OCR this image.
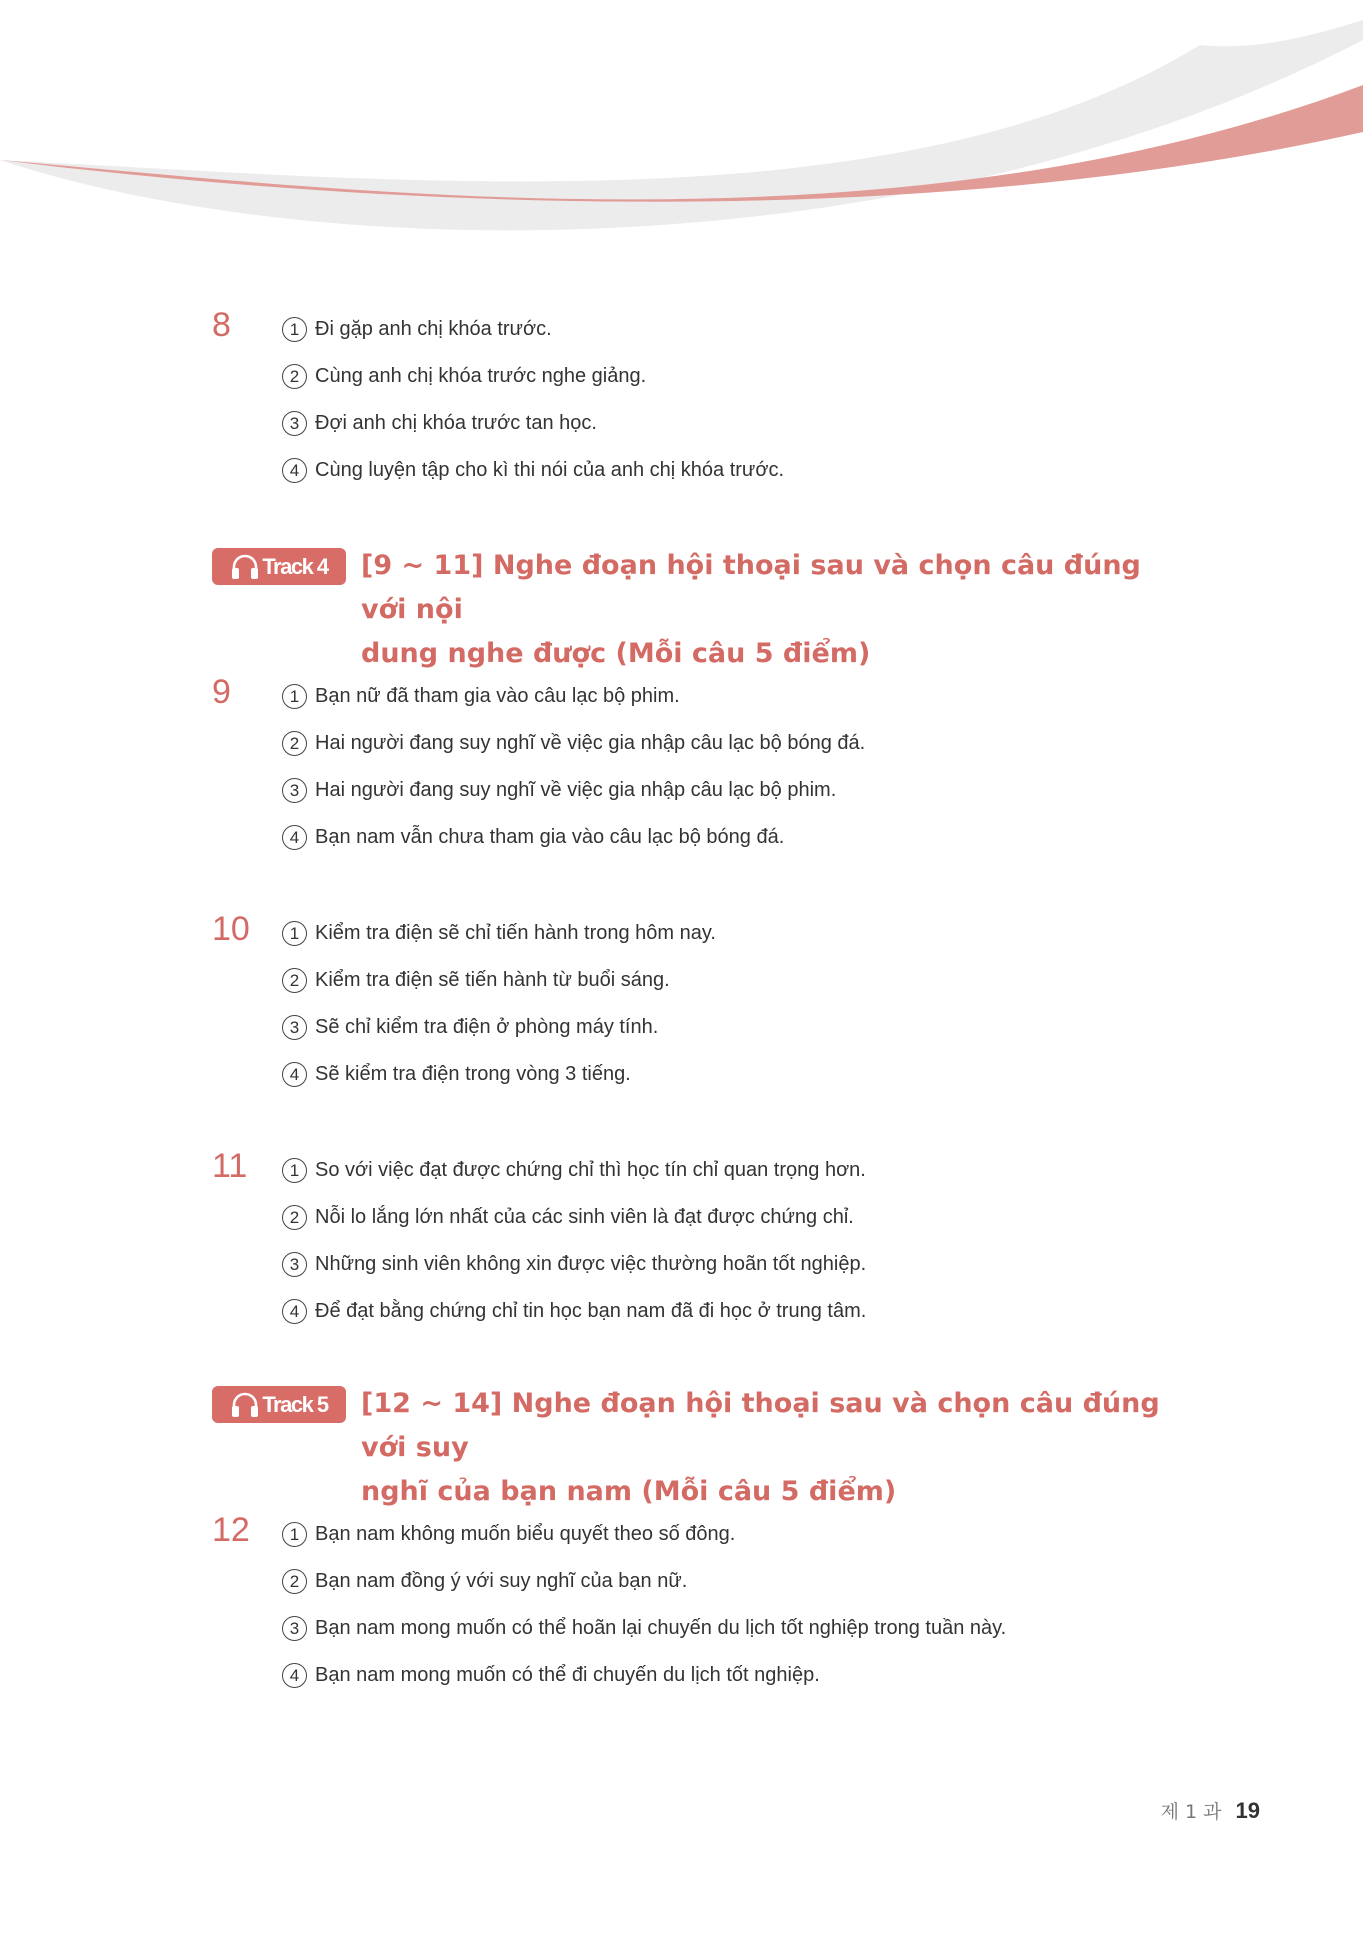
8	1 Đi gặp anh chị khóa trước.
2 Cùng anh chị khóa trước nghe giảng.
3 Đợi anh chị khóa trước tan học.
4 Cùng luyện tập cho kì thi nói của anh chị khóa trước.
Track 4 [9 ~ 11] Nghe đoạn hội thoại sau và chọn câu đúng với nội
dung nghe được (Mỗi câu 5 điểm)
9	1 Bạn nữ đã tham gia vào câu lạc bộ phim.
2 Hai người đang suy nghĩ về việc gia nhập câu lạc bộ bóng đá.
3 Hai người đang suy nghĩ về việc gia nhập câu lạc bộ phim.
4 Bạn nam vẫn chưa tham gia vào câu lạc bộ bóng đá.
10	1 Kiểm tra điện sẽ chỉ tiến hành trong hôm nay.
2 Kiểm tra điện sẽ tiến hành từ buổi sáng.
3 Sẽ chỉ kiểm tra điện ở phòng máy tính.
4 Sẽ kiểm tra điện trong vòng 3 tiếng.
11	1 So với việc đạt được chứng chỉ thì học tín chỉ quan trọng hơn.
2 Nỗi lo lắng lớn nhất của các sinh viên là đạt được chứng chỉ.
3 Những sinh viên không xin được việc thường hoãn tốt nghiệp.
4 Để đạt bằng chứng chỉ tin học bạn nam đã đi học ở trung tâm.
Track 5 [12 ~ 14] Nghe đoạn hội thoại sau và chọn câu đúng với suy
nghĩ của bạn nam (Mỗi câu 5 điểm)
12	1 Bạn nam không muốn biểu quyết theo số đông.
2 Bạn nam đồng ý với suy nghĩ của bạn nữ.
3 Bạn nam mong muốn có thể hoãn lại chuyến du lịch tốt nghiệp trong tuần này.
4 Bạn nam mong muốn có thể đi chuyến du lịch tốt nghiệp.
제 1 과 19
